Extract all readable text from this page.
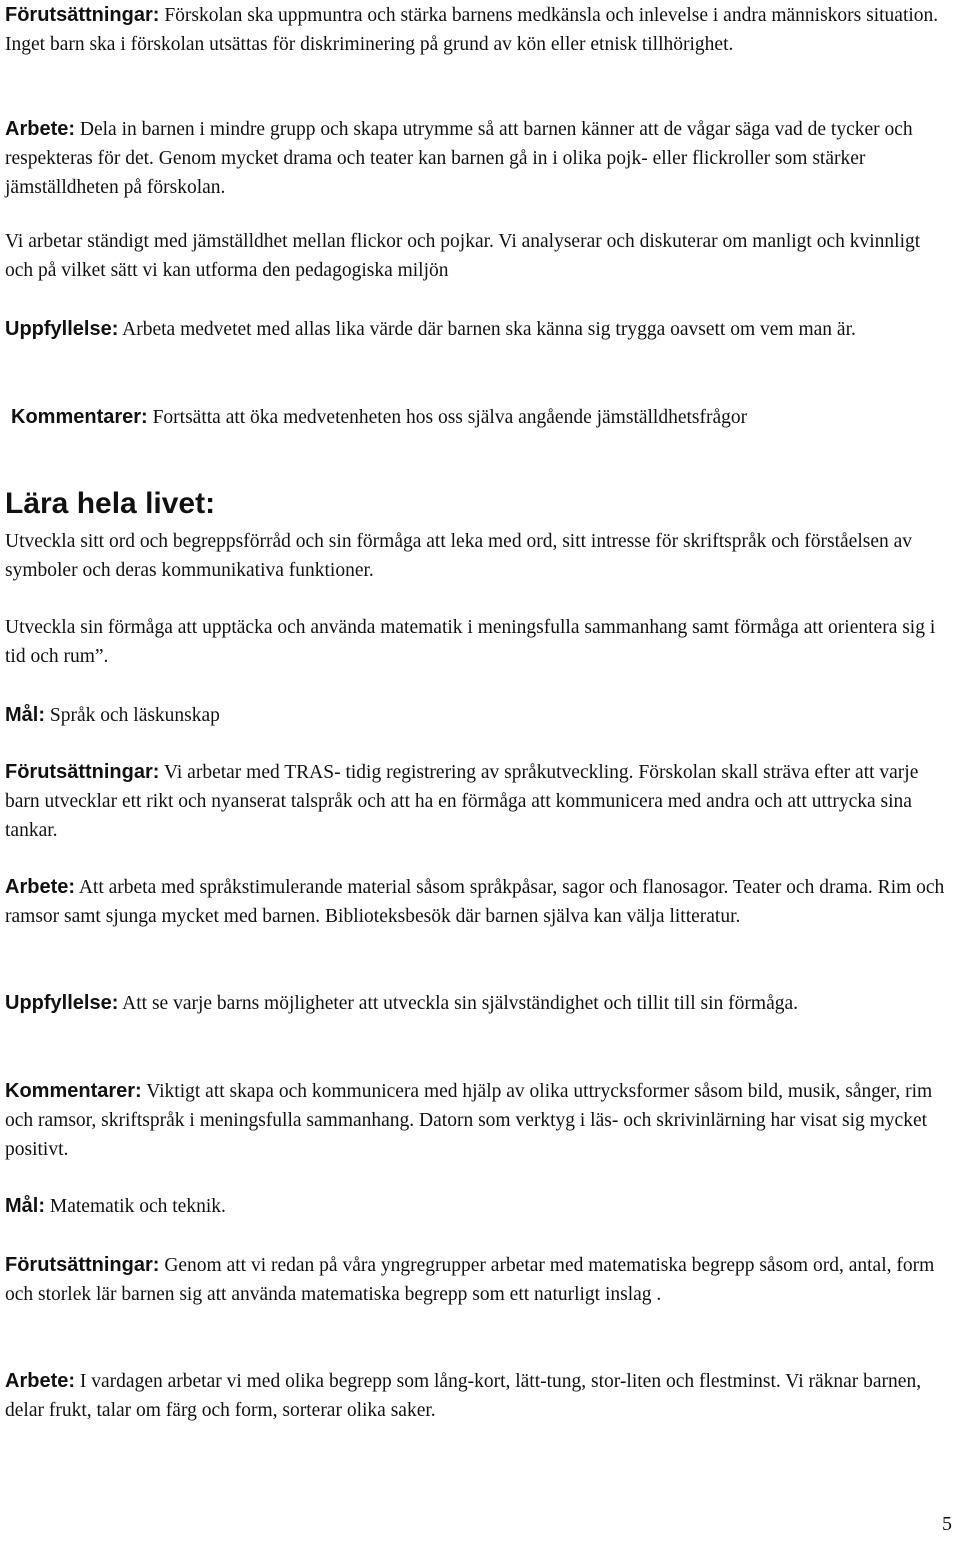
Förutsättningar: Förskolan ska uppmuntra och stärka barnens medkänsla och inlevelse i andra människors situation. Inget barn ska i förskolan utsättas för diskriminering på grund av kön eller etnisk tillhörighet.

Arbete: Dela in barnen i mindre grupp och skapa utrymme så att barnen känner att de vågar säga vad de tycker och respekteras för det. Genom mycket drama och teater kan barnen gå in i olika pojk- eller flickroller som stärker jämställdheten på förskolan.

Vi arbetar ständigt med jämställdhet mellan flickor och pojkar. Vi analyserar och diskuterar om manligt och kvinnligt och på vilket sätt vi kan utforma den pedagogiska miljön

Uppfyllelse: Arbeta medvetet med allas lika värde där barnen ska känna sig trygga oavsett om vem man är.

Kommentarer: Fortsätta att öka medvetenheten hos oss själva angående jämställdhetsfrågor

Lära hela livet:

Utveckla sitt ord och begreppsförråd och sin förmåga att leka med ord, sitt intresse för skriftspråk och förståelsen av symboler och deras kommunikativa funktioner.

Utveckla sin förmåga att upptäcka och använda matematik i meningsfulla sammanhang samt förmåga att orientera sig i tid och rum”.

Mål: Språk och läskunskap

Förutsättningar: Vi arbetar med TRAS- tidig registrering av språkutveckling. Förskolan skall sträva efter att varje barn utvecklar ett rikt och nyanserat talspråk och att ha en förmåga att kommunicera med andra och att uttrycka sina tankar.

Arbete: Att arbeta med språkstimulerande material såsom språkpåsar, sagor och flanosagor. Teater och drama. Rim och ramsor samt sjunga mycket med barnen. Biblioteksbesök där barnen själva kan välja litteratur.

Uppfyllelse: Att se varje barns möjligheter att utveckla sin självständighet och tillit till sin förmåga.

Kommentarer: Viktigt att skapa och kommunicera med hjälp av olika uttrycksformer såsom bild, musik, sånger, rim och ramsor, skriftspråk i meningsfulla sammanhang. Datorn som verktyg i läs- och skrivinlärning har visat sig mycket positivt.

Mål: Matematik och teknik.

Förutsättningar: Genom att vi redan på våra yngregrupper arbetar med matematiska begrepp såsom ord, antal, form och storlek lär barnen sig att använda matematiska begrepp som ett naturligt inslag .

Arbete: I vardagen arbetar vi med olika begrepp som lång-kort, lätt-tung, stor-liten och flestminst. Vi räknar barnen, delar frukt, talar om färg och form, sorterar olika saker.

5
